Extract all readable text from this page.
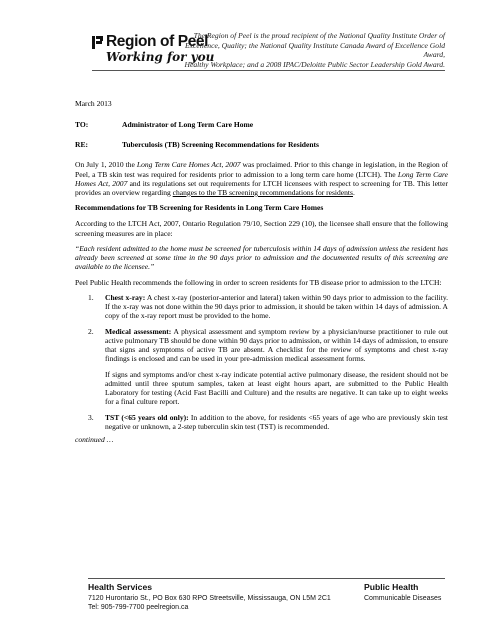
Region of Peel
Working for you
The Region of Peel is the proud recipient of the National Quality Institute Order of
Excellence, Quality; the National Quality Institute Canada Award of Excellence Gold Award,
Healthy Workplace; and a 2008 IPAC/Deloitte Public Sector Leadership Gold Award.

March 2013

TO:	Administrator of Long Term Care Home

RE:	Tuberculosis (TB) Screening Recommendations for Residents

On July 1, 2010 the Long Term Care Homes Act, 2007 was proclaimed. Prior to this change in legislation, in the Region of Peel, a TB skin test was required for residents prior to admission to a long term care home (LTCH). The Long Term Care Homes Act, 2007 and its regulations set out requirements for LTCH licensees with respect to screening for TB. This letter provides an overview regarding changes to the TB screening recommendations for residents.

Recommendations for TB Screening for Residents in Long Term Care Homes

According to the LTCH Act, 2007, Ontario Regulation 79/10, Section 229 (10), the licensee shall ensure that the following screening measures are in place:

“Each resident admitted to the home must be screened for tuberculosis within 14 days of admission unless the resident has already been screened at some time in the 90 days prior to admission and the documented results of this screening are available to the licensee.”

Peel Public Health recommends the following in order to screen residents for TB disease prior to admission to the LTCH:

1. Chest x-ray: A chest x-ray (posterior-anterior and lateral) taken within 90 days prior to admission to the facility. If the x-ray was not done within the 90 days prior to admission, it should be taken within 14 days of admission. A copy of the x-ray report must be provided to the home.

2. Medical assessment: A physical assessment and symptom review by a physician/nurse practitioner to rule out active pulmonary TB should be done within 90 days prior to admission, or within 14 days of admission, to ensure that signs and symptoms of active TB are absent. A checklist for the review of symptoms and chest x-ray findings is enclosed and can be used in your pre-admission medical assessment forms.

If signs and symptoms and/or chest x-ray indicate potential active pulmonary disease, the resident should not be admitted until three sputum samples, taken at least eight hours apart, are submitted to the Public Health Laboratory for testing (Acid Fast Bacilli and Culture) and the results are negative. It can take up to eight weeks for a final culture report.

3. TST (<65 years old only): In addition to the above, for residents <65 years of age who are previously skin test negative or unknown, a 2-step tuberculin skin test (TST) is recommended.

continued …

Health Services
7120 Hurontario St., PO Box 630 RPO Streetsville, Mississauga, ON L5M 2C1
Tel: 905-799-7700 peelregion.ca
Public Health
Communicable Diseases
